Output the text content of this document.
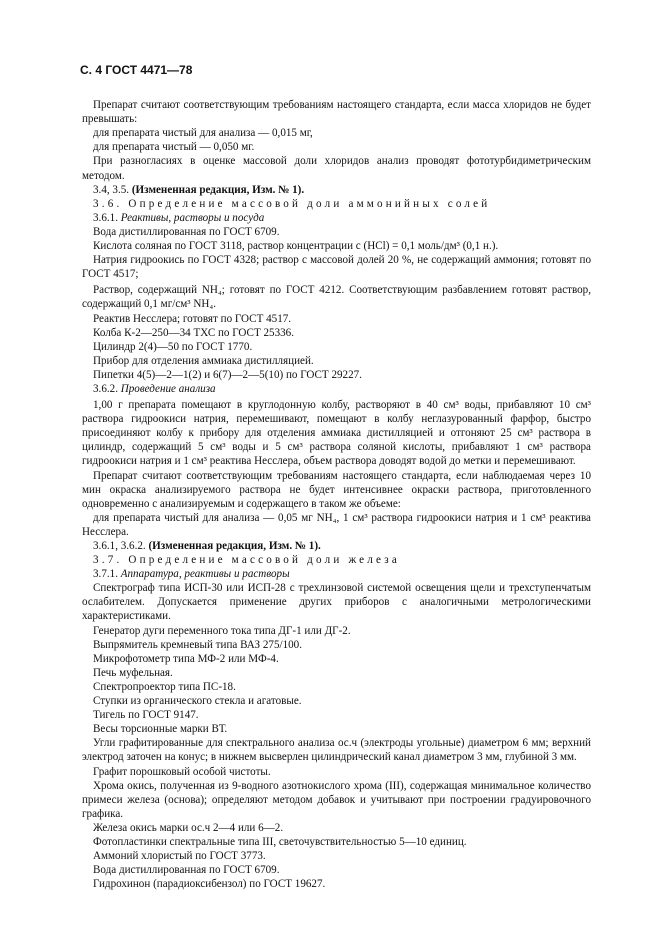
С. 4 ГОСТ 4471—78

Препарат считают соответствующим требованиям настоящего стандарта, если масса хлоридов не будет превышать:

для препарата чистый для анализа — 0,015 мг,

для препарата чистый — 0,050 мг.

При разногласиях в оценке массовой доли хлоридов анализ проводят фототурбидиметрическим методом.

3.4, 3.5. (Измененная редакция, Изм. № 1).

3.6. Определение массовой доли аммонийных солей

3.6.1. Реактивы, растворы и посуда

Вода дистиллированная по ГОСТ 6709.

Кислота соляная по ГОСТ 3118, раствор концентрации c (НСl) = 0,1 моль/дм³ (0,1 н.).

Натрия гидроокись по ГОСТ 4328; раствор с массовой долей 20 %, не содержащий аммония; готовят по ГОСТ 4517;

Раствор, содержащий NH₄; готовят по ГОСТ 4212. Соответствующим разбавлением готовят раствор, содержащий 0,1 мг/см³ NH₄.

Реактив Несслера; готовят по ГОСТ 4517.

Колба К-2—250—34 ТХС по ГОСТ 25336.

Цилиндр 2(4)—50 по ГОСТ 1770.

Прибор для отделения аммиака дистилляцией.

Пипетки 4(5)—2—1(2) и 6(7)—2—5(10) по ГОСТ 29227.

3.6.2. Проведение анализа

1,00 г препарата помещают в круглодонную колбу, растворяют в 40 см³ воды, прибавляют 10 см³ раствора гидроокиси натрия, перемешивают, помещают в колбу неглазурованный фарфор, быстро присоединяют колбу к прибору для отделения аммиака дистилляцией и отгоняют 25 см³ раствора в цилиндр, содержащий 5 см³ воды и 5 см³ раствора соляной кислоты, прибавляют 1 см³ раствора гидроокиси натрия и 1 см³ реактива Несслера, объем раствора доводят водой до метки и перемешивают.

Препарат считают соответствующим требованиям настоящего стандарта, если наблюдаемая через 10 мин окраска анализируемого раствора не будет интенсивнее окраски раствора, приготовленного одновременно с анализируемым и содержащего в таком же объеме:

для препарата чистый для анализа — 0,05 мг NH₄, 1 см³ раствора гидроокиси натрия и 1 см³ реактива Несслера.

3.6.1, 3.6.2. (Измененная редакция, Изм. № 1).

3.7. Определение массовой доли железа

3.7.1. Аппаратура, реактивы и растворы

Спектрограф типа ИСП-30 или ИСП-28 с трехлинзовой системой освещения щели и трехступенчатым ослабителем. Допускается применение других приборов с аналогичными метрологическими характеристиками.

Генератор дуги переменного тока типа ДГ-1 или ДГ-2.

Выпрямитель кремневый типа ВАЗ 275/100.

Микрофотометр типа МФ-2 или МФ-4.

Печь муфельная.

Спектропроектор типа ПС-18.

Ступки из органического стекла и агатовые.

Тигель по ГОСТ 9147.

Весы торсионные марки ВТ.

Угли графитированные для спектрального анализа ос.ч (электроды угольные) диаметром 6 мм; верхний электрод заточен на конус; в нижнем высверлен цилиндрический канал диаметром 3 мм, глубиной 3 мм.

Графит порошковый особой чистоты.

Хрома окись, полученная из 9-водного азотнокислого хрома (III), содержащая минимальное количество примеси железа (основа); определяют методом добавок и учитывают при построении градуировочного графика.

Железа окись марки ос.ч 2—4 или 6—2.

Фотопластинки спектральные типа III, светочувствительностью 5—10 единиц.

Аммоний хлористый по ГОСТ 3773.

Вода дистиллированная по ГОСТ 6709.

Гидрохинон (парадиоксибензол) по ГОСТ 19627.
